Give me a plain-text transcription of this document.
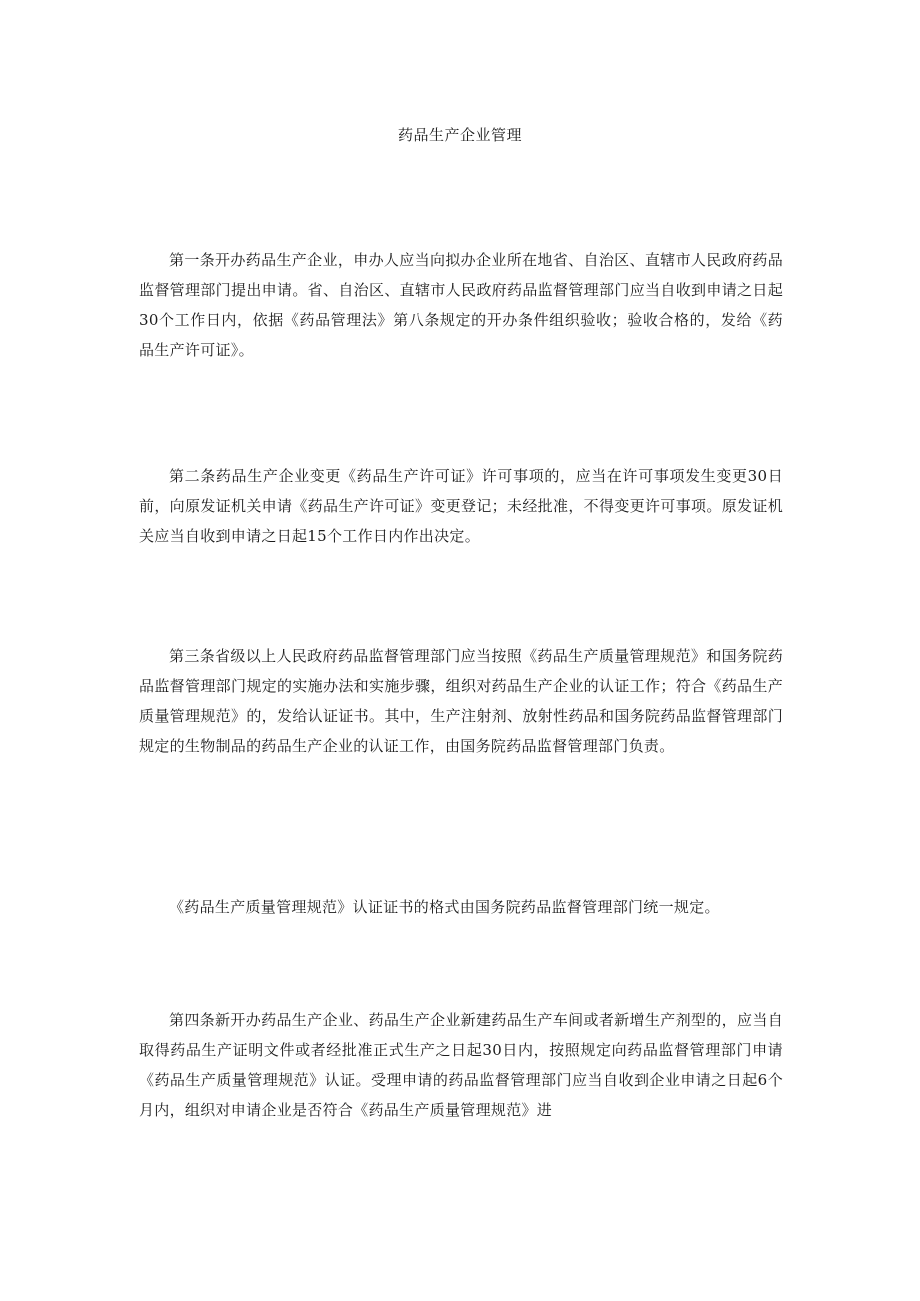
药品生产企业管理

第一条开办药品生产企业，申办人应当向拟办企业所在地省、自治区、直辖市人民政府药品监督管理部门提出申请。省、自治区、直辖市人民政府药品监督管理部门应当自收到申请之日起30个工作日内，依据《药品管理法》第八条规定的开办条件组织验收；验收合格的，发给《药品生产许可证》。

第二条药品生产企业变更《药品生产许可证》许可事项的，应当在许可事项发生变更30日前，向原发证机关申请《药品生产许可证》变更登记；未经批准，不得变更许可事项。原发证机关应当自收到申请之日起15个工作日内作出决定。

第三条省级以上人民政府药品监督管理部门应当按照《药品生产质量管理规范》和国务院药品监督管理部门规定的实施办法和实施步骤，组织对药品生产企业的认证工作；符合《药品生产质量管理规范》的，发给认证证书。其中，生产注射剂、放射性药品和国务院药品监督管理部门规定的生物制品的药品生产企业的认证工作，由国务院药品监督管理部门负责。

《药品生产质量管理规范》认证证书的格式由国务院药品监督管理部门统一规定。

第四条新开办药品生产企业、药品生产企业新建药品生产车间或者新增生产剂型的，应当自取得药品生产证明文件或者经批准正式生产之日起30日内，按照规定向药品监督管理部门申请《药品生产质量管理规范》认证。受理申请的药品监督管理部门应当自收到企业申请之日起6个月内，组织对申请企业是否符合《药品生产质量管理规范》进
